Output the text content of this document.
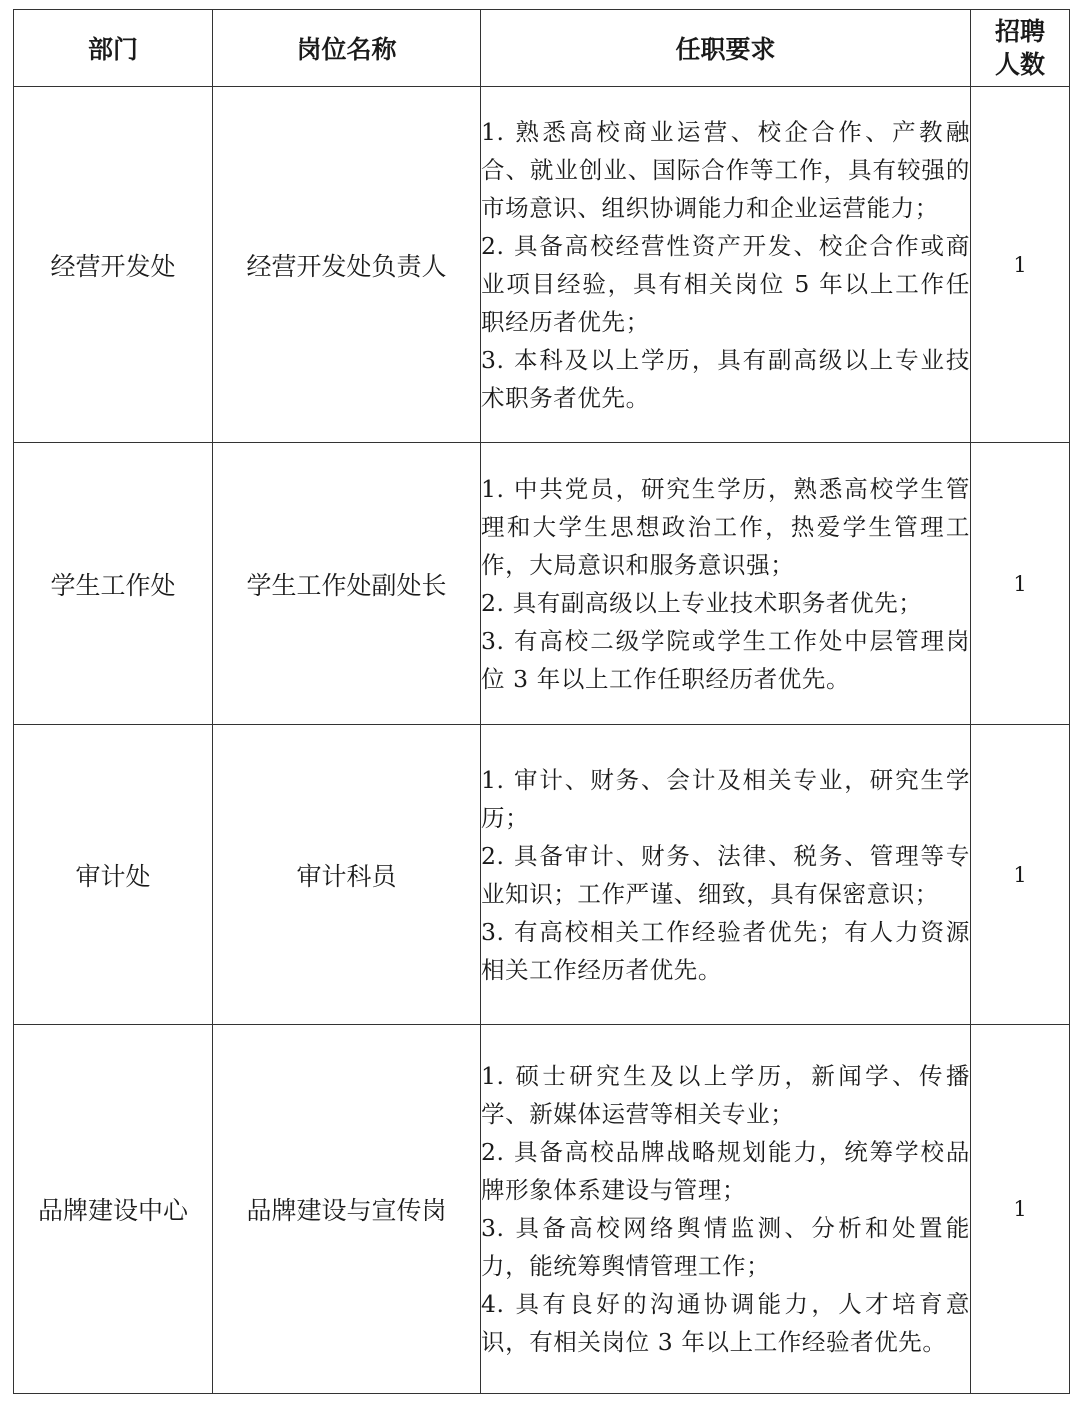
部门	岗位名称	任职要求	招聘
人数

经营开发处	经营开发处负责人	1. 熟悉高校商业运营、校企合作、产教融合、就业创业、国际合作等工作，具有较强的市场意识、组织协调能力和企业运营能力；
2. 具备高校经营性资产开发、校企合作或商业项目经验，具有相关岗位 5 年以上工作任职经历者优先；
3. 本科及以上学历，具有副高级以上专业技术职务者优先。	1
学生工作处	学生工作处副处长	1. 中共党员，研究生学历，熟悉高校学生管理和大学生思想政治工作，热爱学生管理工作，大局意识和服务意识强；
2. 具有副高级以上专业技术职务者优先；
3. 有高校二级学院或学生工作处中层管理岗位 3 年以上工作任职经历者优先。	1
审计处	审计科员	1. 审计、财务、会计及相关专业，研究生学历；
2. 具备审计、财务、法律、税务、管理等专业知识；工作严谨、细致，具有保密意识；
3. 有高校相关工作经验者优先；有人力资源相关工作经历者优先。	1
品牌建设中心	品牌建设与宣传岗	1. 硕士研究生及以上学历，新闻学、传播学、新媒体运营等相关专业；
2. 具备高校品牌战略规划能力，统筹学校品牌形象体系建设与管理；
3. 具备高校网络舆情监测、分析和处置能力，能统筹舆情管理工作；
4. 具有良好的沟通协调能力，人才培育意识，有相关岗位 3 年以上工作经验者优先。	1
